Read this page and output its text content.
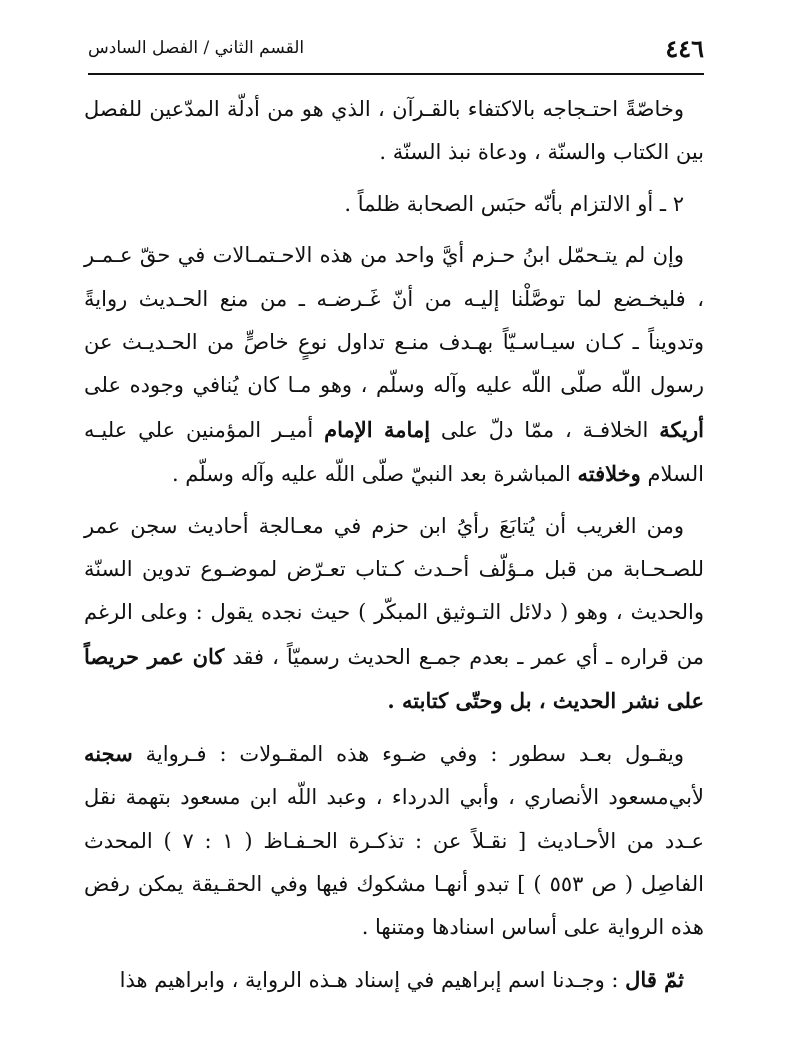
٤٤٦
القسم الثاني / الفصل السادس

وخاصّةً احتـجاجه بالاكتفاء بالقـرآن ، الذي هو من أدلّة المدّعين للفصل بين الكتاب والسنّة ، ودعاة نبذ السنّة .

٢ ـ أو الالتزام بأنّه حبَس الصحابة ظلماً .

وإن لم يتـحمّل ابنُ حـزم أيَّ واحد من هذه الاحـتمـالات في حقّ عـمـر ، فليخـضع لما توصَّلْنا إليـه من أنّ غَـرضـه ـ من منع الحـديث روايةً وتدويناً ـ كـان سيـاسـيّاً بهـدف منـع تداول نوعٍ خاصٍّ من الحـديـث عن رسول اللّه صلّى اللّه عليه وآله وسلّم ، وهو مـا كان يُنافي وجوده على أريكة الخلافـة ، ممّا دلّ على إمامة الإمام أميـر المؤمنين علي عليـه السلام وخلافته المباشرة بعد النبيّ صلّى اللّه عليه وآله وسلّم .

ومن الغريب أن يُتابَعَ رأيُ ابن حزم في معـالجة أحاديث سجن عمر للصـحـابة من قبل مـؤلّف أحـدث كـتاب تعـرّض لموضـوع تدوين السنّة والحديث ، وهو ( دلائل التـوثيق المبكّر ) حيث نجده يقول : وعلى الرغم من قراره ـ أي عمر ـ بعدم جمـع الحديث رسميّاً ، فقد كان عمر حريصاً على نشر الحديث ، بل وحتّى كتابته .

ويقـول بعـد سطور : وفي ضـوء هذه المقـولات : فـرواية سجنه لأبي‌مسعود الأنصاري ، وأبي الدرداء ، وعبد اللّه ابن مسعود بتهمة نقل عـدد من الأحـاديث [ نقـلاً عن : تذكـرة الحـفـاظ ( ١ : ٧ ) المحدث الفاصِل ( ص ٥٥٣ ) ] تبدو أنهـا مشكوك فيها وفي الحقـيقة يمكن رفض هذه الرواية على أساس اسنادها ومتنها .

ثمّ قال : وجـدنا اسم إبراهيم في إسناد هـذه الرواية ، وابراهيم هذا
